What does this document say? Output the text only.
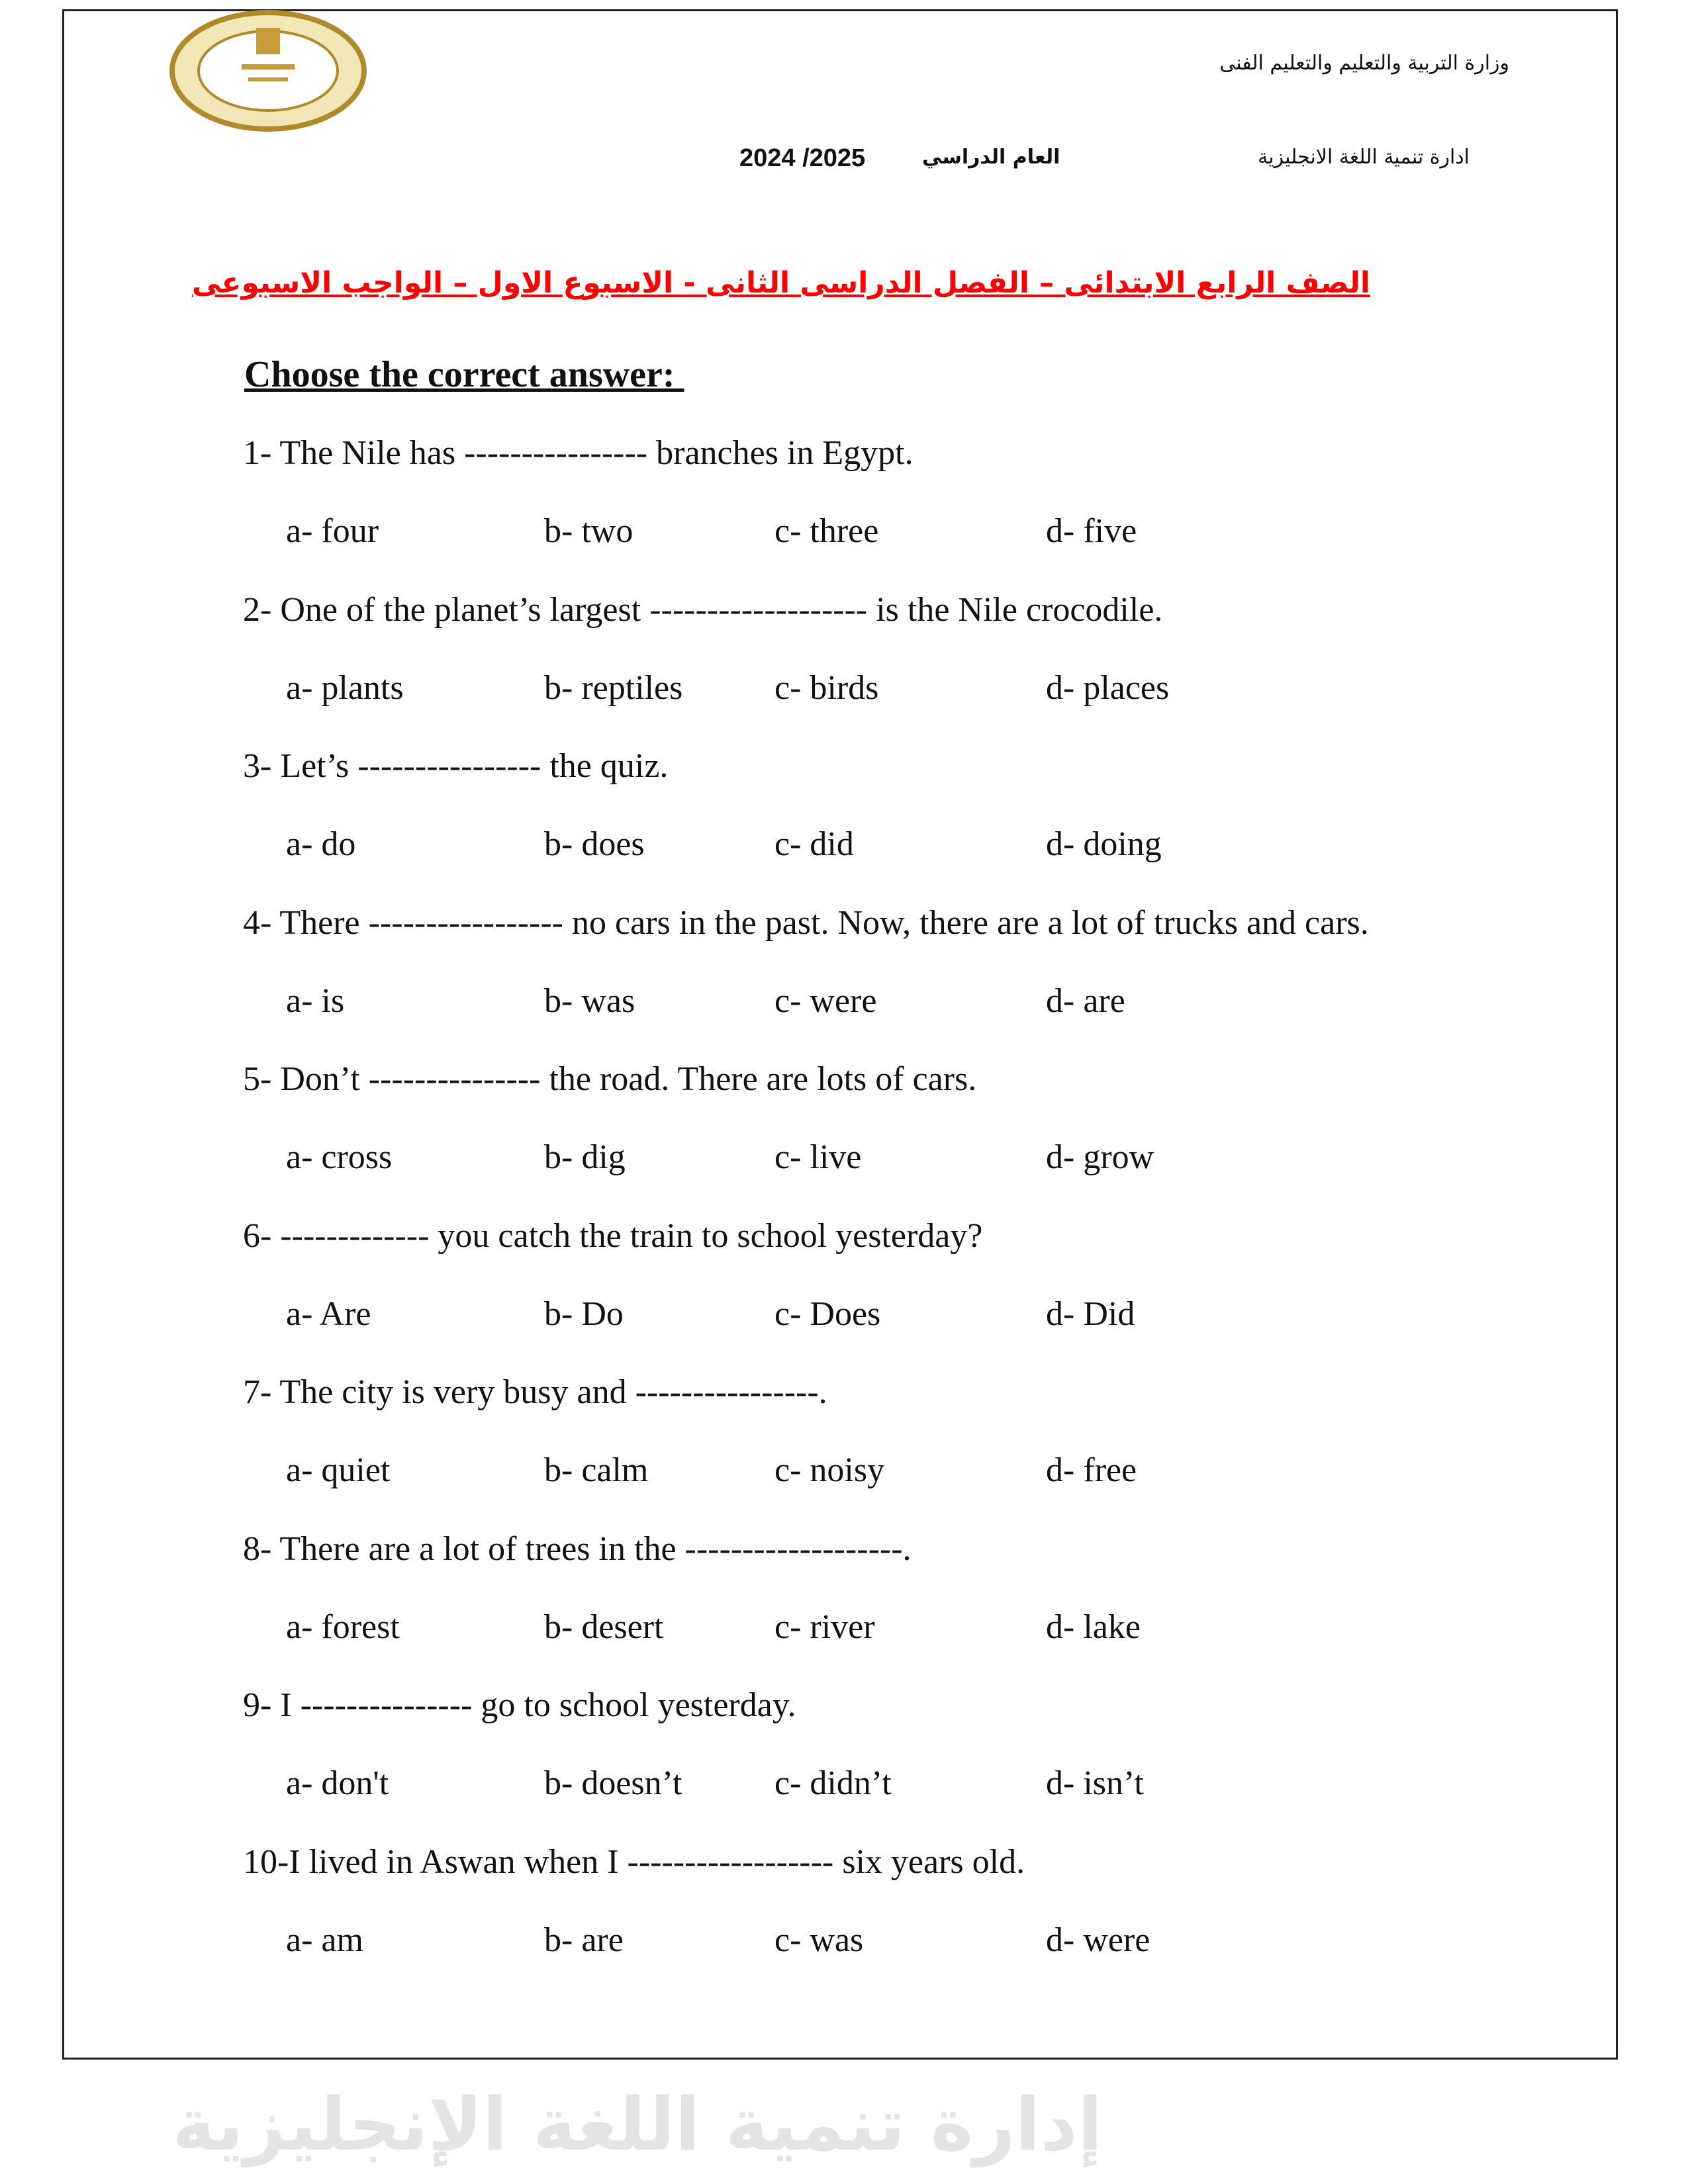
وزارة التربية والتعليم والتعليم الفنى
ادارة تنمية اللغة الانجليزية
العام الدراسي
2024 /2025
الصف الرابع الابتدائى – الفصل الدراسى الثانى - الاسبوع الاول – الواجب الاسبوعى
Choose the correct answer:
1- The Nile has ---------------- branches in Egypt.
a- four	b- two	c- three	d- five
2- One of the planet’s largest ------------------- is the Nile crocodile.
a- plants	b- reptiles	c- birds	d- places
3- Let’s ---------------- the quiz.
a- do	b- does	c- did	d- doing
4- There ----------------- no cars in the past. Now, there are a lot of trucks and cars.
a- is	b- was	c- were	d- are
5- Don’t --------------- the road. There are lots of cars.
a- cross	b- dig	c- live	d- grow
6- ------------- you catch the train to school yesterday?
a- Are	b- Do	c- Does	d- Did
7- The city is very busy and ----------------.
a- quiet	b- calm	c- noisy	d- free
8- There are a lot of trees in the -------------------.
a- forest	b- desert	c- river	d- lake
9- I --------------- go to school yesterday.
a- don't	b- doesn’t	c- didn’t	d- isn’t
10-I lived in Aswan when I ------------------ six years old.
a- am	b- are	c- was	d- were
إدارة تنمية اللغة الإنجليزية
